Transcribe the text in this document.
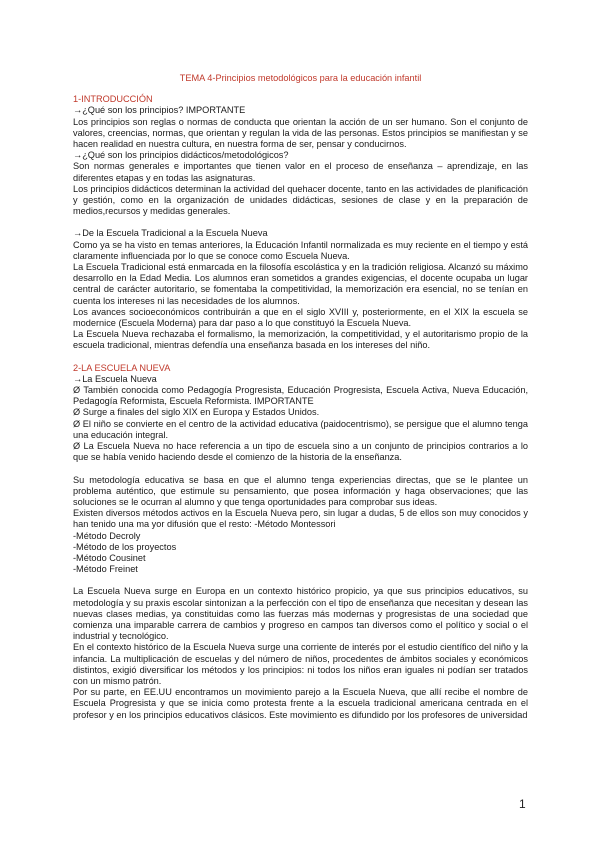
TEMA 4-Principios metodológicos para la educación infantil
1-INTRODUCCIÓN
→¿Qué son los principios? IMPORTANTE

Los principios son reglas o normas de conducta que orientan la acción de un ser humano. Son el conjunto de valores, creencias, normas, que orientan y regulan la vida de las personas. Estos principios se manifiestan y se hacen realidad en nuestra cultura, en nuestra forma de ser, pensar y conducirnos.

→¿Qué son los principios didácticos/metodológicos?

Son normas generales e importantes que tienen valor en el proceso de enseñanza – aprendizaje, en las diferentes etapas y en todas las asignaturas.

Los principios didácticos determinan la actividad del quehacer docente, tanto en las actividades de planificación y gestión, como en la organización de unidades didácticas, sesiones de clase y en la preparación de medios,recursos y medidas generales.

→De la Escuela Tradicional a la Escuela Nueva

Como ya se ha visto en temas anteriores, la Educación Infantil normalizada es muy reciente en el tiempo y está claramente influenciada por lo que se conoce como Escuela Nueva.

La Escuela Tradicional está enmarcada en la filosofía escolástica y en la tradición religiosa. Alcanzó su máximo desarrollo en la Edad Media. Los alumnos eran sometidos a grandes exigencias, el docente ocupaba un lugar central de carácter autoritario, se fomentaba la competitividad, la memorización era esencial, no se tenían en cuenta los intereses ni las necesidades de los alumnos.

Los avances socioeconómicos contribuirán a que en el siglo XVIII y, posteriormente, en el XIX la escuela se modernice (Escuela Moderna) para dar paso a lo que constituyó la Escuela Nueva.

La Escuela Nueva rechazaba el formalismo, la memorización, la competitividad, y el autoritarismo propio de la escuela tradicional, mientras defendía una enseñanza basada en los intereses del niño.

2-LA ESCUELA NUEVA
→La Escuela Nueva

Ø También conocida como Pedagogía Progresista, Educación Progresista, Escuela Activa, Nueva Educación, Pedagogía Reformista, Escuela Reformista. IMPORTANTE

Ø Surge a finales del siglo XIX en Europa y Estados Unidos.

Ø El niño se convierte en el centro de la actividad educativa (paidocentrismo), se persigue que el alumno tenga una educación integral.

Ø La Escuela Nueva no hace referencia a un tipo de escuela sino a un conjunto de principios contrarios a lo que se había venido haciendo desde el comienzo de la historia de la enseñanza.

Su metodología educativa se basa en que el alumno tenga experiencias directas, que se le plantee un problema auténtico, que estimule su pensamiento, que posea información y haga observaciones; que las soluciones se le ocurran al alumno y que tenga oportunidades para comprobar sus ideas.

Existen diversos métodos activos en la Escuela Nueva pero, sin lugar a dudas, 5 de ellos son muy conocidos y han tenido una ma yor difusión que el resto: -Método Montessori

-Método Decroly
-Método de los proyectos
-Método Cousinet
-Método Freinet

La Escuela Nueva surge en Europa en un contexto histórico propicio, ya que sus principios educativos, su metodología y su praxis escolar sintonizan a la perfección con el tipo de enseñanza que necesitan y desean las nuevas clases medias, ya constituidas como las fuerzas más modernas y progresistas de una sociedad que comienza una imparable carrera de cambios y progreso en campos tan diversos como el político y social o el industrial y tecnológico.

En el contexto histórico de la Escuela Nueva surge una corriente de interés por el estudio científico del niño y la infancia. La multiplicación de escuelas y del número de niños, procedentes de ámbitos sociales y económicos distintos, exigió diversificar los métodos y los principios: ni todos los niños eran iguales ni podían ser tratados con un mismo patrón.

Por su parte, en EE.UU encontramos un movimiento parejo a la Escuela Nueva, que allí recibe el nombre de Escuela Progresista y que se inicia como protesta frente a la escuela tradicional americana centrada en el profesor y en los principios educativos clásicos. Este movimiento es difundido por los profesores de universidad

1
